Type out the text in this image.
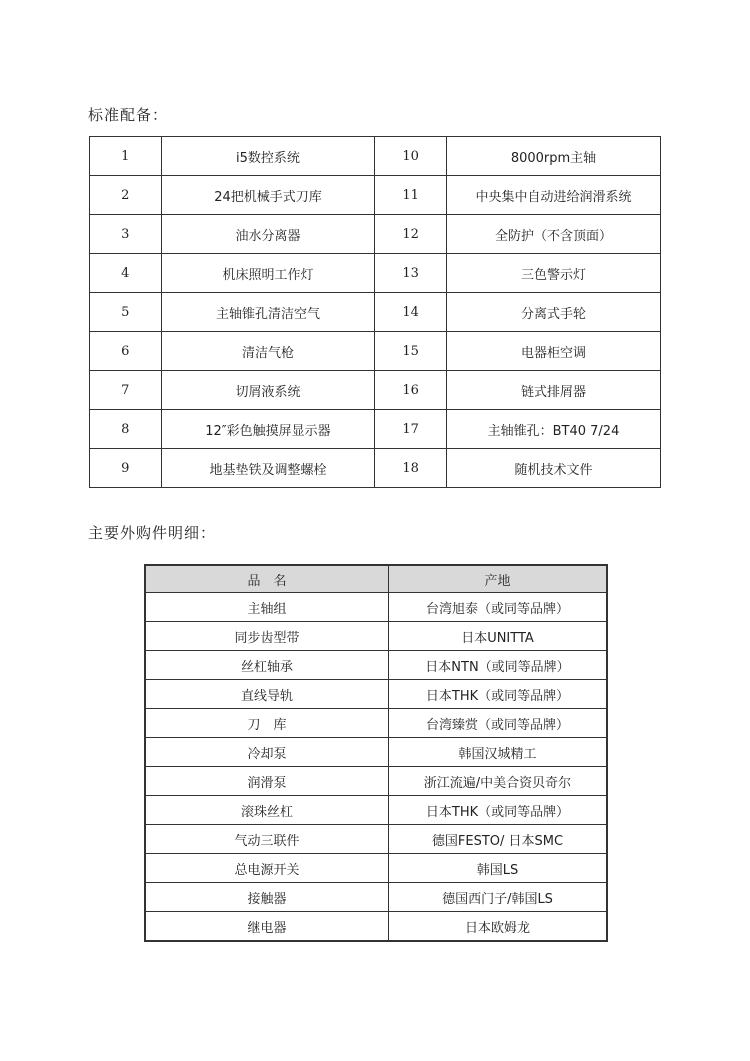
标准配备：
1	i5数控系统	10	8000rpm主轴
2	24把机械手式刀库	11	中央集中自动进给润滑系统
3	油水分离器	12	全防护（不含顶面）
4	机床照明工作灯	13	三色警示灯
5	主轴锥孔清洁空气	14	分离式手轮
6	清洁气枪	15	电器柜空调
7	切屑液系统	16	链式排屑器
8	12″彩色触摸屏显示器	17	主轴锥孔：BT40 7/24
9	地基垫铁及调整螺栓	18	随机技术文件
主要外购件明细：
品　名	产地
主轴组	台湾旭泰（或同等品牌）
同步齿型带	日本UNITTA
丝杠轴承	日本NTN（或同等品牌）
直线导轨	日本THK（或同等品牌）
刀　库	台湾臻赏（或同等品牌）
冷却泵	韩国汉城精工
润滑泵	浙江流遍/中美合资贝奇尔
滚珠丝杠	日本THK（或同等品牌）
气动三联件	德国FESTO/ 日本SMC
总电源开关	韩国LS
接触器	德国西门子/韩国LS
继电器	日本欧姆龙
